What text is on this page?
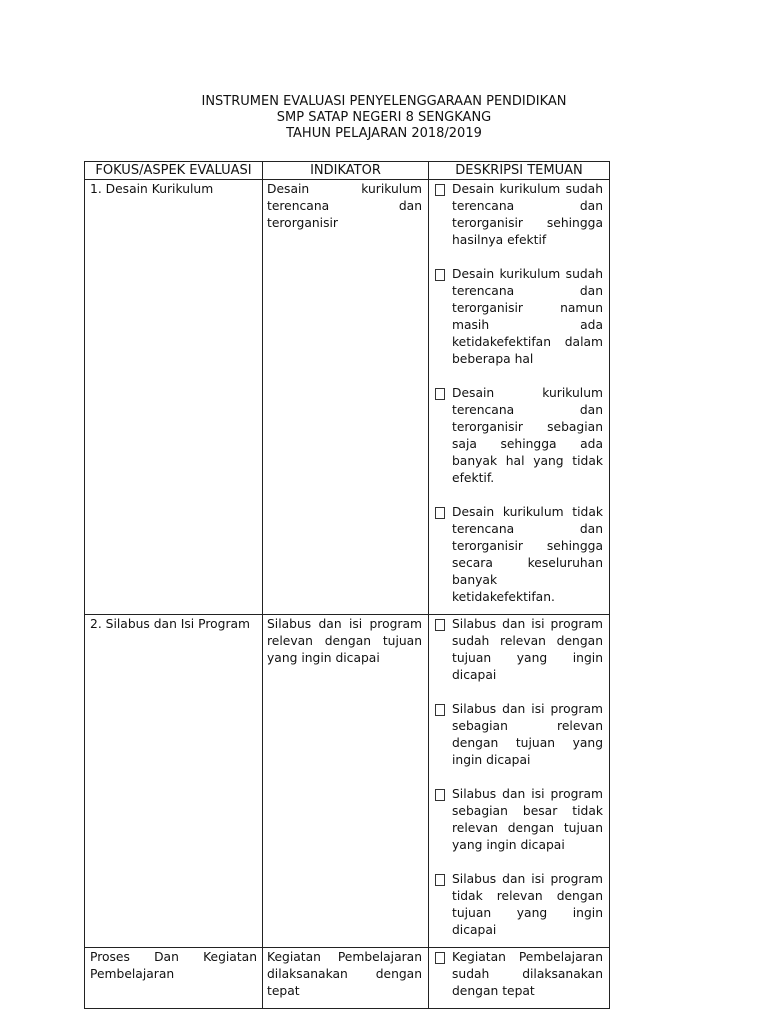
INSTRUMEN EVALUASI PENYELENGGARAAN PENDIDIKAN
SMP SATAP NEGERI 8 SENGKANG
TAHUN PELAJARAN 2018/2019
FOKUS/ASPEK EVALUASI	INDIKATOR	DESKRIPSI TEMUAN
1. Desain Kurikulum	Desain kurikulum terencana dan terorganisir	Desain kurikulum sudah terencana dan terorganisir sehingga hasilnya efektif
Desain kurikulum sudah terencana dan terorganisir namun masih ada ketidakefektifan dalam beberapa hal
Desain kurikulum terencana dan terorganisir sebagian saja sehingga ada banyak hal yang tidak efektif.
Desain kurikulum tidak terencana dan terorganisir sehingga secara keseluruhan banyak ketidakefektifan.

2. Silabus dan Isi Program	Silabus dan isi program relevan dengan tujuan yang ingin dicapai	Silabus dan isi program sudah relevan dengan tujuan yang ingin dicapai
Silabus dan isi program sebagian relevan dengan tujuan yang ingin dicapai
Silabus dan isi program sebagian besar tidak relevan dengan tujuan yang ingin dicapai
Silabus dan isi program tidak relevan dengan tujuan yang ingin dicapai

Proses Dan Kegiatan Pembelajaran	Kegiatan Pembelajaran dilaksanakan dengan tepat	Kegiatan Pembelajaran sudah dilaksanakan dengan tepat
